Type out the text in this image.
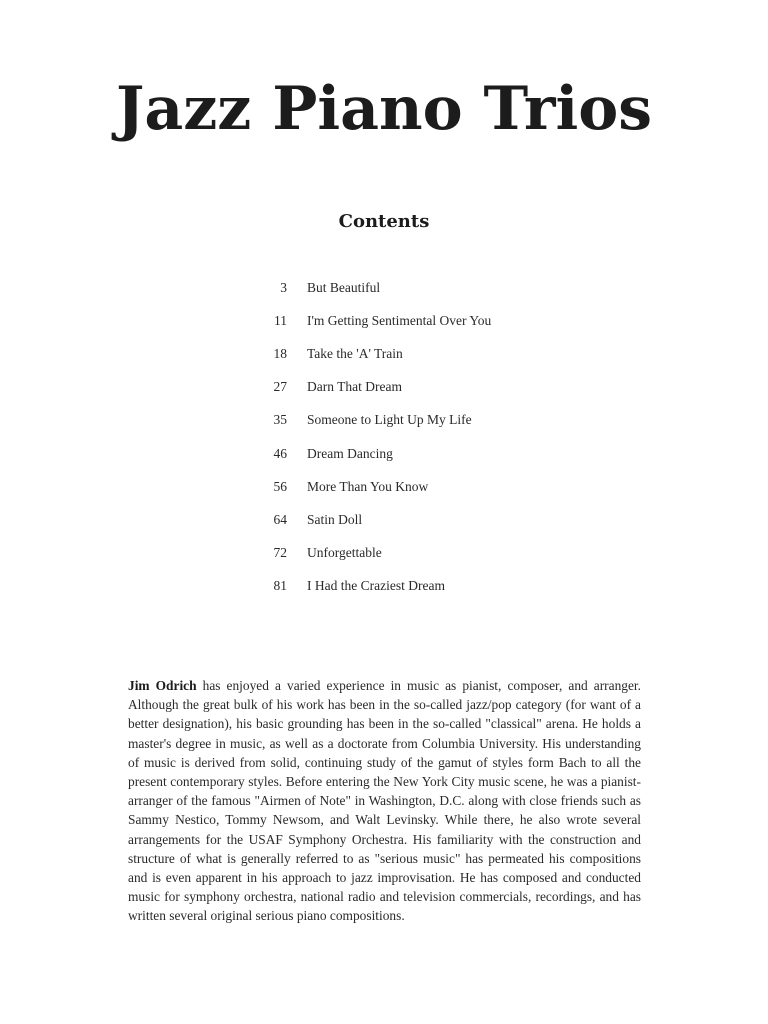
Jazz Piano Trios
Contents
3 But Beautiful
11 I'm Getting Sentimental Over You
18 Take the 'A' Train
27 Darn That Dream
35 Someone to Light Up My Life
46 Dream Dancing
56 More Than You Know
64 Satin Doll
72 Unforgettable
81 I Had the Craziest Dream

Jim Odrich has enjoyed a varied experience in music as pianist, composer, and arranger. Although the great bulk of his work has been in the so-called jazz/pop category (for want of a better designation), his basic grounding has been in the so-called "classical" arena. He holds a master's degree in music, as well as a doctorate from Columbia University. His understanding of music is derived from solid, continuing study of the gamut of styles form Bach to all the present contemporary styles. Before entering the New York City music scene, he was a pianist-arranger of the famous "Airmen of Note" in Washington, D.C. along with close friends such as Sammy Nestico, Tommy Newsom, and Walt Levinsky. While there, he also wrote several arrangements for the USAF Symphony Orchestra. His familiarity with the construction and structure of what is generally referred to as "serious music" has permeated his compositions and is even apparent in his approach to jazz improvisation. He has composed and conducted music for symphony orchestra, national radio and television commercials, recordings, and has written several original serious piano compositions.
